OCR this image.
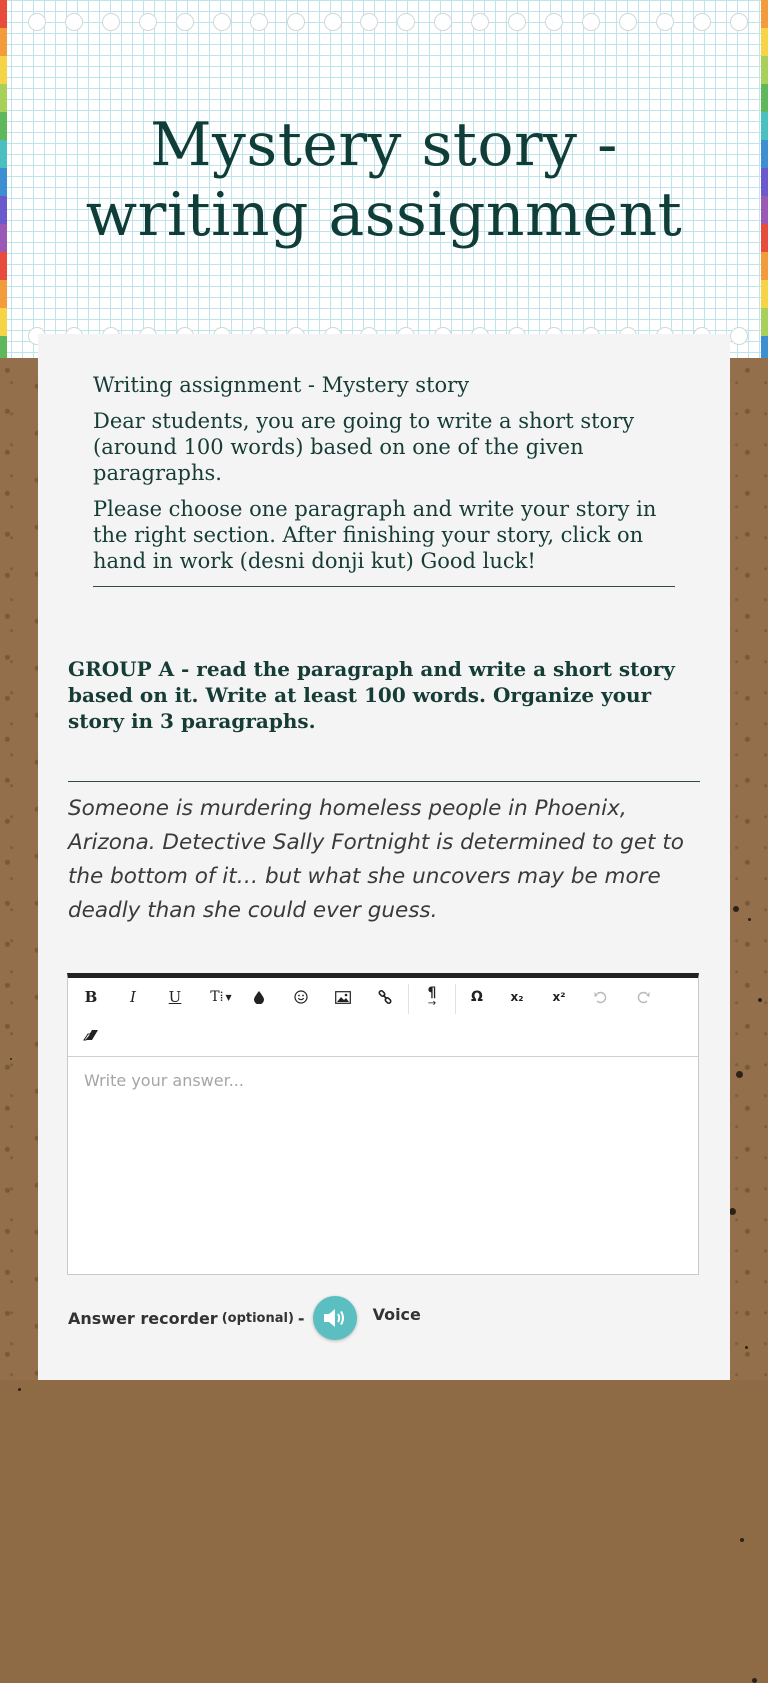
Mystery story -
writing assignment
Writing assignment - Mystery story

Dear students, you are going to write a short story (around 100 words) based on one of the given paragraphs.

Please choose one paragraph and write your story in the right section. After finishing your story, click on hand in work (desni donji kut) Good luck!

GROUP A - read the paragraph and write a short story based on it. Write at least 100 words. Organize your story in 3 paragraphs.
Someone is murdering homeless people in Phoenix, Arizona. Detective Sally Fortnight is determined to get to the bottom of it… but what she uncovers may be more deadly than she could ever guess.
B	I	U	T⁞ ▼	¶
→	Ω	x₂	x²
Write your answer...
Answer recorder (optional) -	Voice
